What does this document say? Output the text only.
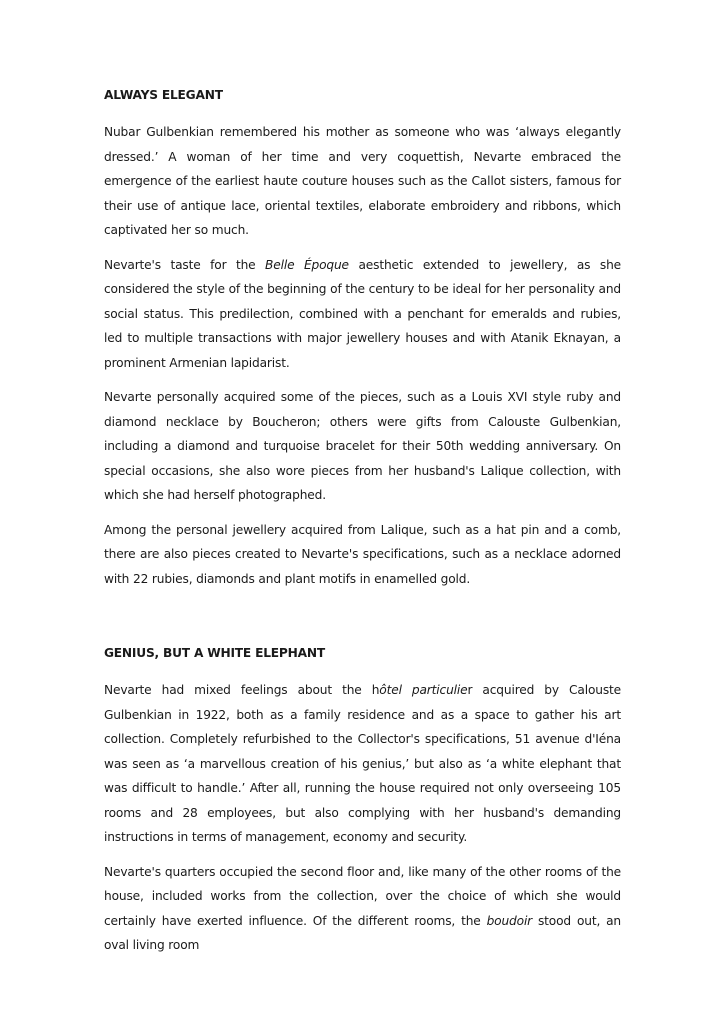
ALWAYS ELEGANT

Nubar Gulbenkian remembered his mother as someone who was ‘always elegantly dressed.’ A woman of her time and very coquettish, Nevarte embraced the emergence of the earliest haute couture houses such as the Callot sisters, famous for their use of antique lace, oriental textiles, elaborate embroidery and ribbons, which captivated her so much.

Nevarte's taste for the Belle Époque aesthetic extended to jewellery, as she considered the style of the beginning of the century to be ideal for her personality and social status. This predilection, combined with a penchant for emeralds and rubies, led to multiple transactions with major jewellery houses and with Atanik Eknayan, a prominent Armenian lapidarist.

Nevarte personally acquired some of the pieces, such as a Louis XVI style ruby and diamond necklace by Boucheron; others were gifts from Calouste Gulbenkian, including a diamond and turquoise bracelet for their 50th wedding anniversary. On special occasions, she also wore pieces from her husband's Lalique collection, with which she had herself photographed.

Among the personal jewellery acquired from Lalique, such as a hat pin and a comb, there are also pieces created to Nevarte's specifications, such as a necklace adorned with 22 rubies, diamonds and plant motifs in enamelled gold.

GENIUS, BUT A WHITE ELEPHANT

Nevarte had mixed feelings about the hôtel particulier acquired by Calouste Gulbenkian in 1922, both as a family residence and as a space to gather his art collection. Completely refurbished to the Collector's specifications, 51 avenue d'Iéna was seen as ‘a marvellous creation of his genius,’ but also as ‘a white elephant that was difficult to handle.’ After all, running the house required not only overseeing 105 rooms and 28 employees, but also complying with her husband's demanding instructions in terms of management, economy and security.

Nevarte's quarters occupied the second floor and, like many of the other rooms of the house, included works from the collection, over the choice of which she would certainly have exerted influence. Of the different rooms, the boudoir stood out, an oval living room
